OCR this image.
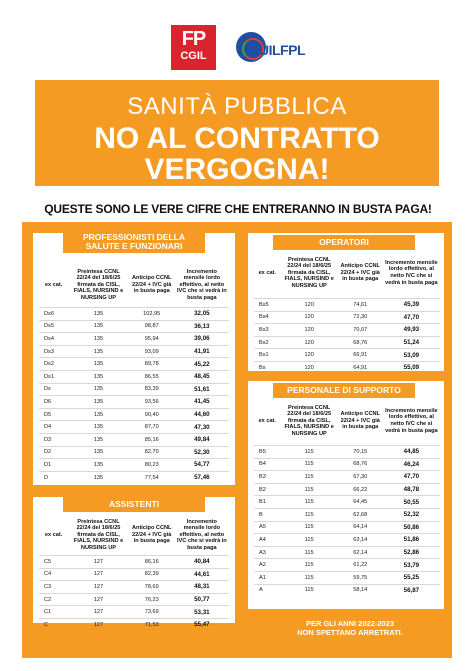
FP
CGIL	UILFPL
SANITÀ PUBBLICA
NO AL CONTRATTO
VERGOGNA!
QUESTE SONO LE VERE CIFRE CHE ENTRERANNO IN BUSTA PAGA!
PROFESSIONISTI DELLA SALUTE E FUNZIONARI
ex cat.	Preintesa CCNL 22/24 del 18/6/25 firmata da CISL, FIALS, NURSIND e NURSING UP	Anticipo CCNL 22/24 + IVC già in busta paga	Incremento mensile lordo effettivo, al netto IVC che si vedrà in busta paga
Ds6	135	102,95	32,05
Ds5	135	98,87	36,13
Ds4	135	95,94	39,06
Ds3	135	93,09	41,91
Ds2	135	89,78	45,22
Ds1	135	86,55	48,45
Ds	135	83,39	51,61
D6	135	93,56	41,45
D5	135	90,40	44,60
D4	135	87,70	47,30
D3	135	85,16	49,84
D2	135	82,70	52,30
D1	135	80,23	54,77
D	135	77,54	57,46
ASSISTENTI
ex cat.	Preintesa CCNL 22/24 del 18/6/25 firmata da CISL, FIALS, NURSIND e NURSING UP	Anticipo CCNL 22/24 + IVC già in busta paga	Incremento mensile lordo effettivo, al netto IVC che si vedrà in busta paga
C5	127	86,16	40,84
C4	127	82,39	44,61
C3	127	78,69	48,31
C2	127	76,23	50,77
C1	127	73,69	53,31
C	127	71,53	55,47
OPERATORI
ex cat.	Preintesa CCNL 22/24 del 18/6/25 firmata da CISL, FIALS, NURSIND e NURSING UP	Anticipo CCNL 22/24 + IVC già in busta paga	Incremento mensile lordo effettivo, al netto IVC che si vedrà in busta paga
Bs5	120	74,61	45,39
Bs4	120	72,30	47,70
Bs3	120	70,07	49,93
Bs2	120	68,76	51,24
Bs1	120	66,91	53,09
Bs	120	64,91	55,09
PERSONALE DI SUPPORTO
ex cat.	Preintesa CCNL 22/24 del 18/6/25 firmata da CISL, FIALS, NURSIND e NURSING UP	Anticipo CCNL 22/24 + IVC già in busta paga	Incremento mensile lordo effettivo, al netto IVC che si vedrà in busta paga
B5	115	70,15	44,85
B4	115	68,76	46,24
B3	115	67,30	47,70
B2	115	66,22	48,78
B1	115	64,45	50,55
B	115	62,68	52,32
A5	115	64,14	50,86
A4	115	63,14	51,86
A3	115	62,14	52,86
A2	115	61,22	53,79
A1	115	59,75	55,25
A	115	58,14	56,87
PER GLI ANNI 2022-2023
NON SPETTANO ARRETRATI.
